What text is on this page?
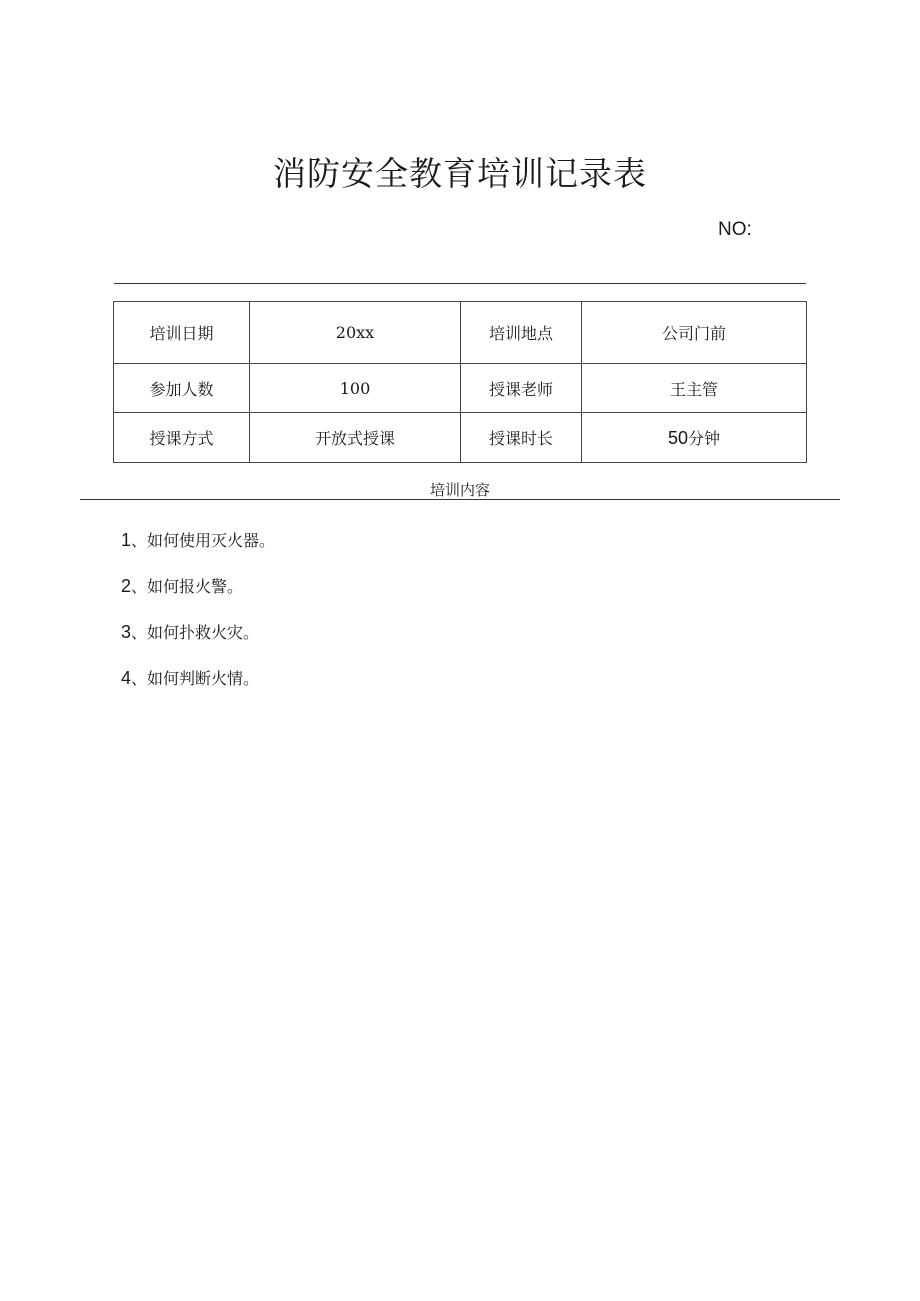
消防安全教育培训记录表
NO:
培训日期	20xx	培训地点	公司门前
参加人数	100	授课老师	王主管
授课方式	开放式授课	授课时长	50分钟
培训内容
1、如何使用灭火器。
2、如何报火警。
3、如何扑救火灾。
4、如何判断火情。
